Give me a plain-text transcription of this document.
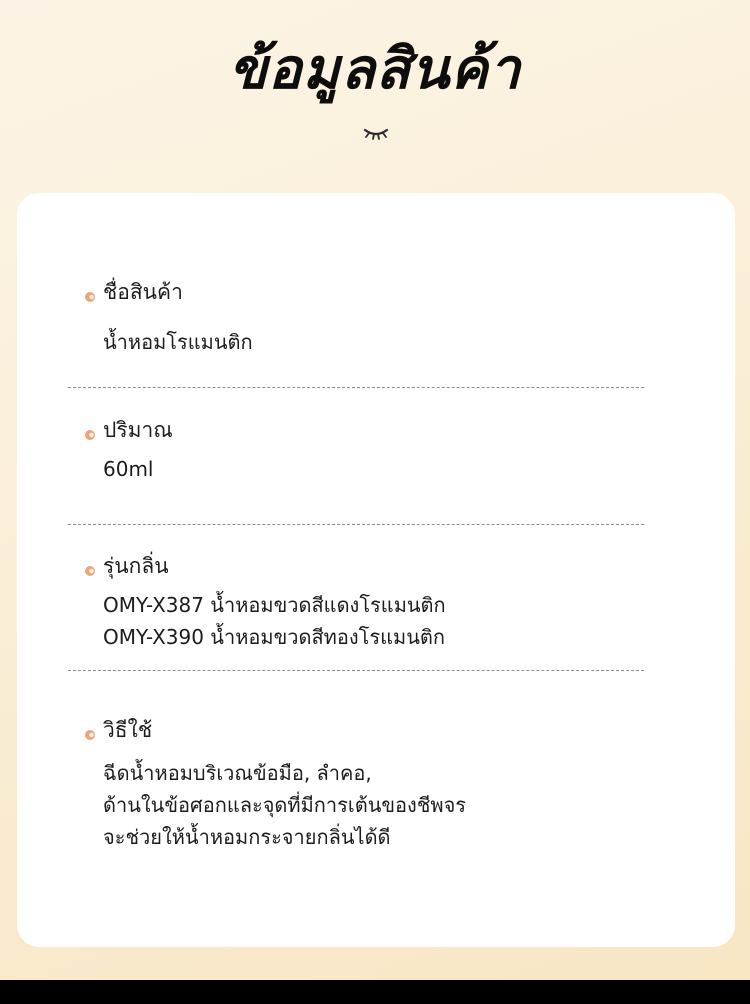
ข้อมูลสินค้า
ชื่อสินค้า
น้ำหอมโรแมนติก
ปริมาณ
60ml
รุ่นกลิ่น
OMY-X387 น้ำหอมขวดสีแดงโรแมนติก
OMY-X390 น้ำหอมขวดสีทองโรแมนติก
วิธีใช้
ฉีดน้ำหอมบริเวณข้อมือ, ลำคอ,
ด้านในข้อศอกและจุดที่มีการเต้นของชีพจร
จะช่วยให้น้ำหอมกระจายกลิ่นได้ดี
